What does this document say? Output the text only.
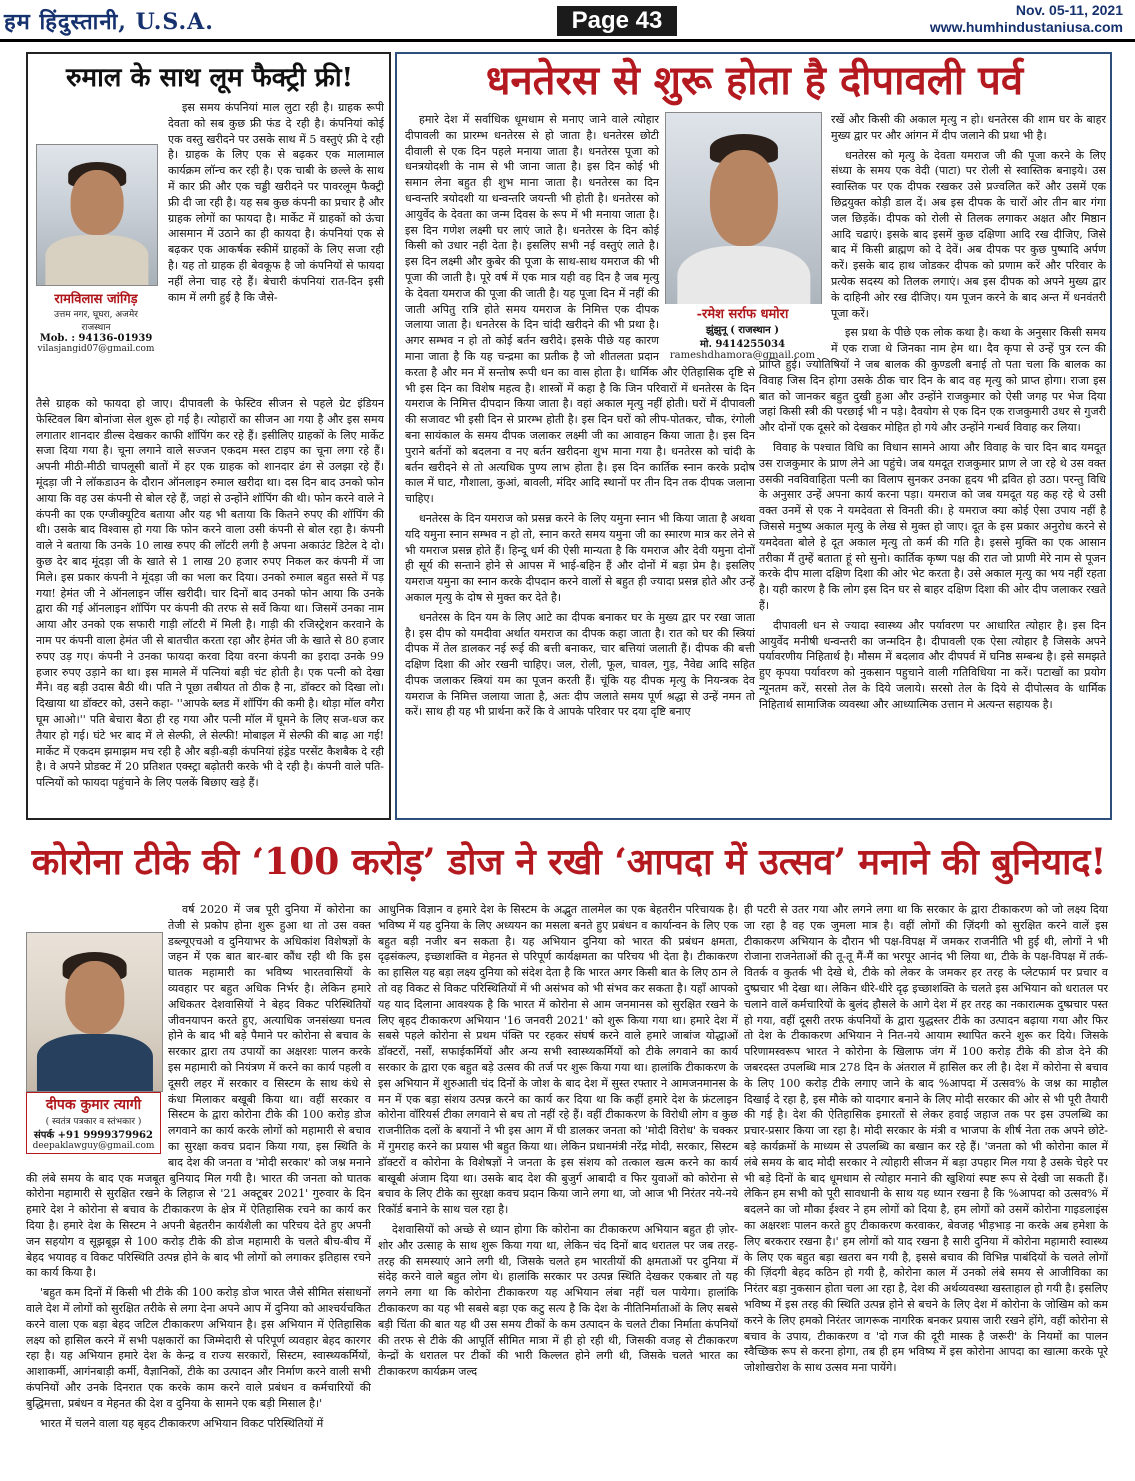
हम हिंदुस्तानी, U.S.A.	Page 43	Nov. 05-11, 2021
www.humhindustaniusa.com
रुमाल के साथ लूम फैक्ट्री फ्री!
रामविलास जांगिड़
उत्तम नगर, घूघरा, अजमेर
राजस्थान
Mob. : 94136-01939
vilasjangid07@gmail.com

इस समय कंपनियां माल लुटा रही है। ग्राहक रूपी देवता को सब कुछ फ्री फंड दे रही है। कंपनियां कोई एक वस्तु खरीदने पर उसके साथ में 5 वस्तुएं फ्री दे रही है। ग्राहक के लिए एक से बढ़कर एक मालामाल कार्यक्रम लॉन्च कर रही है। एक चाबी के छल्ले के साथ में कार फ्री और एक चड्डी खरीदने पर पावरलूम फैक्ट्री फ्री दी जा रही है। यह सब कुछ कंपनी का प्रचार है और ग्राहक लोगों का फायदा है। मार्केट में ग्राहकों को ऊंचा आसमान में उठाने का ही कायदा है। कंपनियां एक से बढ़कर एक आकर्षक स्कीमें ग्राहकों के लिए सजा रही है। यह तो ग्राहक ही बेवकूफ है जो कंपनियों से फायदा नहीं लेना चाह रहे हैं। बेचारी कंपनियां रात-दिन इसी काम में लगी हुई है कि जैसे-

तैसे ग्राहक को फायदा हो जाए। दीपावली के फेस्टिव सीजन से पहले ग्रेट इंडियन फेस्टिवल बिग बोनांजा सेल शुरू हो गई है। त्योहारों का सीजन आ गया है और इस समय लगातार शानदार डील्स देखकर काफी शॉपिंग कर रहे हैं। इसीलिए ग्राहकों के लिए मार्केट सजा दिया गया है। चूना लगाने वाले सज्जन एकदम मस्त टाइप का चूना लगा रहे हैं। अपनी मीठी-मीठी चापलूसी बातों में हर एक ग्राहक को शानदार ढंग से उलझा रहे हैं। मूंदड़ा जी ने लॉकडाउन के दौरान ऑनलाइन रुमाल खरीदा था। दस दिन बाद उनको फोन आया कि वह उस कंपनी से बोल रहे हैं, जहां से उन्होंने शॉपिंग की थी। फोन करने वाले ने कंपनी का एक एग्जीक्यूटिव बताया और यह भी बताया कि कितने रुपए की शॉपिंग की थी। उसके बाद विश्वास हो गया कि फोन करने वाला उसी कंपनी से बोल रहा है। कंपनी वाले ने बताया कि उनके 10 लाख रुपए की लॉटरी लगी है अपना अकाउंट डिटेल दे दो। कुछ देर बाद मूंदड़ा जी के खाते से 1 लाख 20 हजार रुपए निकल कर कंपनी में जा मिले। इस प्रकार कंपनी ने मूंदड़ा जी का भला कर दिया। उनको रुमाल बहुत सस्ते में पड़ गया! हेमंत जी ने ऑनलाइन जींस खरीदी। चार दिनों बाद उनको फोन आया कि उनके द्वारा की गई ऑनलाइन शॉपिंग पर कंपनी की तरफ से सर्वे किया था। जिसमें उनका नाम आया और उनको एक सफारी गाड़ी लॉटरी में मिली है। गाड़ी की रजिस्ट्रेशन करवाने के नाम पर कंपनी वाला हेमंत जी से बातचीत करता रहा और हेमंत जी के खाते से 80 हजार रुपए उड़ गए। कंपनी ने उनका फायदा करवा दिया वरना कंपनी का इरादा उनके 99 हजार रुपए उड़ाने का था। इस मामले में पत्नियां बड़ी चंट होती है। एक पत्नी को देखा मैंने। वह बड़ी उदास बैठी थी। पति ने पूछा तबीयत तो ठीक है ना, डॉक्टर को दिखा लो। दिखाया था डॉक्टर को, उसने कहा- ''आपके ब्लड में शॉपिंग की कमी है। थोड़ा मॉल वगैरा घूम आओ।'' पति बेचारा बैठा ही रह गया और पत्नी मॉल में घूमने के लिए सज-धज कर तैयार हो गई। घंटे भर बाद में ले सेल्फी, ले सेल्फी! मोबाइल में सेल्फी की बाढ़ आ गई! मार्केट में एकदम झमाझम मच रही है और बड़ी-बड़ी कंपनियां हंड्रेड परसेंट कैशबैक दे रही है। वे अपने प्रोडक्ट में 20 प्रतिशत एक्स्ट्रा बढ़ोतरी करके भी दे रही है। कंपनी वाले पति-पत्नियों को फायदा पहुंचाने के लिए पलकें बिछाए खड़े हैं।

धनतेरस से शुरू होता है दीपावली पर्व
-रमेश सर्राफ धमोरा
झुंझुनू ( राजस्थान )
मो. 9414255034
rameshdhamora@gmail.com

हमारे देश में सर्वाधिक धूमधाम से मनाए जाने वाले त्योहार दीपावली का प्रारम्भ धनतेरस से हो जाता है। धनतेरस छोटी दीवाली से एक दिन पहले मनाया जाता है। धनतेरस पूजा को धनत्रयोदशी के नाम से भी जाना जाता है। इस दिन कोई भी समान लेना बहुत ही शुभ माना जाता है। धनतेरस का दिन धन्वन्तरि त्रयोदशी या धन्वन्तरि जयन्ती भी होती है। धनतेरस को आयुर्वेद के देवता का जन्म दिवस के रूप में भी मनाया जाता है। इस दिन गणेश लक्ष्मी घर लाएं जाते है। धनतेरस के दिन कोई किसी को उधार नही देता है। इसलिए सभी नई वस्तुएं लाते है। इस दिन लक्ष्मी और कुबेर की पूजा के साथ-साथ यमराज की भी पूजा की जाती है। पूरे वर्ष में एक मात्र यही वह दिन है जब मृत्यु के देवता यमराज की पूजा की जाती है। यह पूजा दिन में नहीं की जाती अपितु रात्रि होते समय यमराज के निमित्त एक दीपक जलाया जाता है। धनतेरस के दिन चांदी खरीदने की भी प्रथा है। अगर सम्भव न हो तो कोई बर्तन खरीदे। इसके पीछे यह कारण माना जाता है कि यह चन्द्रमा का प्रतीक है जो शीतलता प्रदान करता है और मन में सन्तोष रूपी धन का वास होता है। धार्मिक और ऐतिहासिक दृष्टि से भी इस दिन का विशेष महत्व है। शास्त्रों में कहा है कि जिन परिवारों में धनतेरस के दिन यमराज के निमित्त दीपदान किया जाता है। वहां अकाल मृत्यु नहीं होती। घरों में दीपावली की सजावट भी इसी दिन से प्रारम्भ होती है। इस दिन घरों को लीप-पोतकर, चौक, रंगोली बना सायंकाल के समय दीपक जलाकर लक्ष्मी जी का आवाहन किया जाता है। इस दिन पुराने बर्तनों को बदलना व नए बर्तन खरीदना शुभ माना गया है। धनतेरस को चांदी के बर्तन खरीदने से तो अत्यधिक पुण्य लाभ होता है। इस दिन कार्तिक स्नान करके प्रदोष काल में घाट, गौशाला, कुआं, बावली, मंदिर आदि स्थानों पर तीन दिन तक दीपक जलाना चाहिए।

धनतेरस के दिन यमराज को प्रसन्न करने के लिए यमुना स्नान भी किया जाता है अथवा यदि यमुना स्नान सम्भव न हो तो, स्नान करते समय यमुना जी का स्मारण मात्र कर लेने से भी यमराज प्रसन्न होते हैं। हिन्दू धर्म की ऐसी मान्यता है कि यमराज और देवी यमुना दोनों ही सूर्य की सन्ताने होने से आपस में भाई-बहिन हैं और दोनों में बड़ा प्रेम है। इसलिए यमराज यमुना का स्नान करके दीपदान करने वालों से बहुत ही ज्यादा प्रसन्न होते और उन्हें अकाल मृत्यु के दोष से मुक्त कर देते है।

धनतेरस के दिन यम के लिए आटे का दीपक बनाकर घर के मुख्य द्वार पर रखा जाता है। इस दीप को यमदीवा अर्थात यमराज का दीपक कहा जाता है। रात को घर की स्त्रियां दीपक में तेल डालकर नई रूई की बत्ती बनाकर, चार बत्तियां जलाती हैं। दीपक की बत्ती दक्षिण दिशा की ओर रखनी चाहिए। जल, रोली, फूल, चावल, गुड़, नैवेद्य आदि सहित दीपक जलाकर स्त्रियां यम का पूजन करती हैं। चूंकि यह दीपक मृत्यु के नियन्त्रक देव यमराज के निमित्त जलाया जाता है, अतः दीप जलाते समय पूर्ण श्रद्धा से उन्हें नमन तो करें। साथ ही यह भी प्रार्थना करें कि वे आपके परिवार पर दया दृष्टि बनाए

रखें और किसी की अकाल मृत्यु न हो। धनतेरस की शाम घर के बाहर मुख्य द्वार पर और आंगन में दीप जलाने की प्रथा भी है।

धनतेरस को मृत्यु के देवता यमराज जी की पूजा करने के लिए संध्या के समय एक वेदी (पाटा) पर रोली से स्वास्तिक बनाइये। उस स्वास्तिक पर एक दीपक रखकर उसे प्रज्वलित करें और उसमें एक छिद्रयुक्त कोड़ी डाल दें। अब इस दीपक के चारों ओर तीन बार गंगा जल छिड़कें। दीपक को रोली से तिलक लगाकर अक्षत और मिष्ठान आदि चढाएं। इसके बाद इसमें कुछ दक्षिणा आदि रख दीजिए, जिसे बाद में किसी ब्राह्मण को दे देवें। अब दीपक पर कुछ पुष्पादि अर्पण करें। इसके बाद हाथ जोडकर दीपक को प्रणाम करें और परिवार के प्रत्येक सदस्य को तिलक लगाएं। अब इस दीपक को अपने मुख्य द्वार के दाहिनी ओर रख दीजिए। यम पूजन करने के बाद अन्त में धनवंतरी पूजा करें।

इस प्रथा के पीछे एक लोक कथा है। कथा के अनुसार किसी समय में एक राजा थे जिनका नाम हेम था। दैव कृपा से उन्हें पुत्र रत्न की प्राप्ति हुई। ज्योतिषियों ने जब बालक की कुण्डली बनाई तो पता चला कि बालक का विवाह जिस दिन होगा उसके ठीक चार दिन के बाद वह मृत्यु को प्राप्त होगा। राजा इस बात को जानकर बहुत दुखी हुआ और उन्होंने राजकुमार को ऐसी जगह पर भेज दिया जहां किसी स्त्री की परछाई भी न पड़े। दैवयोग से एक दिन एक राजकुमारी उधर से गुजरी और दोनों एक दूसरे को देखकर मोहित हो गये और उन्होंने गन्धर्व विवाह कर लिया।

विवाह के पश्चात विधि का विधान सामने आया और विवाह के चार दिन बाद यमदूत उस राजकुमार के प्राण लेने आ पहुंचे। जब यमदूत राजकुमार प्राण ले जा रहे थे उस वक्त उसकी नवविवाहिता पत्नी का विलाप सुनकर उनका हृदय भी द्रवित हो उठा। परन्तु विधि के अनुसार उन्हें अपना कार्य करना पड़ा। यमराज को जब यमदूत यह कह रहे थे उसी वक्त उनमें से एक ने यमदेवता से विनती की। हे यमराज क्या कोई ऐसा उपाय नहीं है जिससे मनुष्य अकाल मृत्यु के लेख से मुक्त हो जाए। दूत के इस प्रकार अनुरोध करने से यमदेवता बोले हे दूत अकाल मृत्यु तो कर्म की गति है। इससे मुक्ति का एक आसान तरीका मैं तुम्हें बताता हूं सो सुनो। कार्तिक कृष्ण पक्ष की रात जो प्राणी मेरे नाम से पूजन करके दीप माला दक्षिण दिशा की ओर भेट करता है। उसे अकाल मृत्यु का भय नहीं रहता है। यही कारण है कि लोग इस दिन घर से बाहर दक्षिण दिशा की ओर दीप जलाकर रखते हैं।

दीपावली धन से ज्यादा स्वास्थ्य और पर्यावरण पर आधारित त्योहार है। इस दिन आयुर्वेद मनीषी धन्वन्तरी का जन्मदिन है। दीपावली एक ऐसा त्योहार है जिसके अपने पर्यावरणीय निहितार्थ है। मौसम में बदलाव और दीपपर्व में घनिष्ठ सम्बन्ध है। इसे समझते हुए कृपया पर्यावरण को नुकसान पहुचाने वाली गतिविधिया ना करें। पटाखों का प्रयोग न्यूनतम करें, सरसो तेल के दिये जलाये। सरसो तेल के दिये से दीपोत्सव के धार्मिक निहितार्थ सामाजिक व्यवस्था और आध्यात्मिक उत्तान मे अत्यन्त सहायक है।

कोरोना टीके की ‘100 करोड़’ डोज ने रखी ‘आपदा में उत्सव’ मनाने की बुनियाद!
दीपक कुमार त्यागी
( स्वतंत्र पत्रकार व स्तंभकार )
संपर्क +91 9999379962
deepaklawguy@gmail.com

वर्ष 2020 में जब पूरी दुनिया में कोरोना का तेजी से प्रकोप होना शुरू हुआ था तो उस वक्त डब्ल्यूएचओ व दुनियाभर के अधिकांश विशेषज्ञों के जहन में एक बात बार-बार कौंध रही थी कि इस घातक महामारी का भविष्य भारतवासियों के व्यवहार पर बहुत अधिक निर्भर है। लेकिन हमारे अधिकतर देशवासियों ने बेहद विकट परिस्थितियों जीवनयापन करते हुए, अत्याधिक जनसंख्या घनत्व होने के बाद भी बड़े पैमाने पर कोरोना से बचाव के सरकार द्वारा तय उपायों का अक्षरशः पालन करके इस महामारी को नियंत्रण में करने का कार्य पहली व दूसरी लहर में सरकार व सिस्टम के साथ कंधे से कंधा मिलाकर बखूबी किया था। वहीं सरकार व सिस्टम के द्वारा कोरोना टीके की 100 करोड़ डोज लगवाने का कार्य करके लोगों को महामारी से बचाव का सुरक्षा कवच प्रदान किया गया, इस स्थिति के बाद देश की जनता व 'मोदी सरकार' को जश्न मनाने की लंबे समय के बाद एक मजबूत बुनियाद मिल गयी है। भारत की जनता को घातक कोरोना महामारी से सुरक्षित रखने के लिहाज से '21 अक्टूबर 2021' गुरुवार के दिन हमारे देश ने कोरोना से बचाव के टीकाकरण के क्षेत्र में ऐतिहासिक रचने का कार्य कर दिया है। हमारे देश के सिस्टम ने अपनी बेहतरीन कार्यशैली का परिचय देते हुए अपनी जन सहयोग व सूझबूझ से 100 करोड़ टीके की डोज महामारी के चलते बीच-बीच में बेहद भयावह व विकट परिस्थिति उत्पन्न होने के बाद भी लोगों को लगाकर इतिहास रचने का कार्य किया है।

'बहुत कम दिनों में किसी भी टीके की 100 करोड़ डोज भारत जैसे सीमित संसाधनों वाले देश में लोगों को सुरक्षित तरीके से लगा देना अपने आप में दुनिया को आश्चर्यचकित करने वाला एक बड़ा बेहद जटिल टीकाकरण अभियान है। इस अभियान में ऐतिहासिक लक्ष्य को हासिल करने में सभी पक्षकारों का जिम्मेदारी से परिपूर्ण व्यवहार बेहद कारगर रहा है। यह अभियान हमारे देश के केन्द्र व राज्य सरकारों, सिस्टम, स्वास्थ्यकर्मियों, आशाकर्मी, आगंनबाड़ी कर्मी, वैज्ञानिकों, टीके का उत्पादन और निर्माण करने वाली सभी कंपनियों और उनके दिनरात एक करके काम करने वाले प्रबंधन व कर्मचारियों की बुद्धिमत्ता, प्रबंधन व मेहनत की देश व दुनिया के सामने एक बड़ी मिसाल है।'

भारत में चलने वाला यह बृहद टीकाकरण अभियान विकट परिस्थितियों में

आधुनिक विज्ञान व हमारे देश के सिस्टम के अद्भुत तालमेल का एक बेहतरीन परिचायक है। भविष्य में यह दुनिया के लिए अध्ययन का मसला बनते हुए प्रबंधन व कार्यान्वन के लिए एक बहुत बड़ी नजीर बन सकता है। यह अभियान दुनिया को भारत की प्रबंधन क्षमता, दृढ़संकल्प, इच्छाशक्ति व मेहनत से परिपूर्ण कार्यक्षमता का परिचय भी देता है। टीकाकरण का हासिल यह बड़ा लक्ष्य दुनिया को संदेश देता है कि भारत अगर किसी बात के लिए ठान ले तो वह विकट से विकट परिस्थितियों में भी असंभव को भी संभव कर सकता है। यहाँ आपको यह याद दिलाना आवश्यक है कि भारत में कोरोना से आम जनमानस को सुरक्षित रखने के लिए बृहद टीकाकरण अभियान '16 जनवरी 2021' को शुरू किया गया था। हमारे देश में सबसे पहले कोरोना से प्रथम पंक्ति पर रहकर संघर्ष करने वाले हमारे जाबांज योद्धाओं डॉक्टरों, नर्सों, सफाईकर्मियों और अन्य सभी स्वास्थ्यकर्मियों को टीके लगवाने का कार्य सरकार के द्वारा एक बहुत बड़े उत्सव की तर्ज पर शुरू किया गया था। हालांकि टीकाकरण के इस अभियान में शुरुआती चंद दिनों के जोश के बाद देश में सुस्त रफ्तार ने आमजनमानस के मन में एक बड़ा संशय उत्पन्न करने का कार्य कर दिया था कि कहीं हमारे देश के फ्रंटलाइन कोरोना वॉरियर्स टीका लगवाने से बच तो नहीं रहे हैं। वहीं टीकाकरण के विरोधी लोग व कुछ राजनीतिक दलों के बयानों ने भी इस आग में घी डालकर जनता को 'मोदी विरोध' के चक्कर में गुमराह करने का प्रयास भी बहुत किया था। लेकिन प्रधानमंत्री नरेंद्र मोदी, सरकार, सिस्टम डॉक्टरों व कोरोना के विशेषज्ञों ने जनता के इस संशय को तत्काल खत्म करने का कार्य बाखूबी अंजाम दिया था। उसके बाद देश की बुजुर्ग आबादी व फिर युवाओं को कोरोना से बचाव के लिए टीके का सुरक्षा कवच प्रदान किया जाने लगा था, जो आज भी निरंतर नये-नये रिकॉर्ड बनाने के साथ चल रहा है।

देशवासियों को अच्छे से ध्यान होगा कि कोरोना का टीकाकरण अभियान बहुत ही ज़ोर-शोर और उत्साह के साथ शुरू किया गया था, लेकिन चंद दिनों बाद धरातल पर जब तरह-तरह की समस्याएं आने लगी थी, जिसके चलते हम भारतीयों की क्षमताओं पर दुनिया में संदेह करने वाले बहुत लोग थे। हालांकि सरकार पर उत्पन्न स्थिति देखकर एकबार तो यह लगने लगा था कि कोरोना टीकाकरण यह अभियान लंबा नहीं चल पायेगा। हालांकि टीकाकरण का यह भी सबसे बड़ा एक कटु सत्य है कि देश के नीतिनिर्माताओं के लिए सबसे बड़ी चिंता की बात यह थी उस समय टीकों के कम उत्पादन के चलते टीका निर्माता कंपनियों की तरफ से टीके की आपूर्ति सीमित मात्रा में ही हो रही थी, जिसकी वजह से टीकाकरण केन्द्रों के धरातल पर टीकों की भारी किल्लत होने लगी थी, जिसके चलते भारत का टीकाकरण कार्यक्रम जल्द

ही पटरी से उतर गया और लगने लगा था कि सरकार के द्वारा टीकाकरण को जो लक्ष्य दिया जा रहा है वह एक जुमला मात्र है। वहीं लोगों की ज़िंदगी को सुरक्षित करने वालें इस टीकाकरण अभियान के दौरान भी पक्ष-विपक्ष में जमकर राजनीति भी हुई थी, लोगों ने भी रोजाना राजनेताओं की तू-तू मैं-मैं का भरपूर आनंद भी लिया था, टीके के पक्ष-विपक्ष में तर्क-वितर्क व कुतर्क भी देखे थे, टीके को लेकर के जमकर हर तरह के प्लेटफार्म पर प्रचार व दुष्प्रचार भी देखा था। लेकिन धीरे-धीरे दृढ़ इच्छाशक्ति के चलते इस अभियान को धरातल पर चलाने वालें कर्मचारियों के बुलंद हौसले के आगे देश में हर तरह का नकारात्मक दुष्प्रचार पस्त हो गया, वहीं दूसरी तरफ कंपनियों के द्वारा युद्धस्तर टीके का उत्पादन बढ़ाया गया और फिर तो देश के टीकाकरण अभियान ने नित-नये आयाम स्थापित करने शुरू कर दिये। जिसके परिणामस्वरूप भारत ने कोरोना के खिलाफ जंग में 100 करोड़ टीके की डोज देने की जबरदस्त उपलब्धि मात्र 278 दिन के अंतराल में हासिल कर ली है। देश में कोरोना से बचाव के लिए 100 करोड़ टीके लगाए जाने के बाद %आपदा में उत्सव% के जश्न का माहौल दिखाई दे रहा है, इस मौके को यादगार बनाने के लिए मोदी सरकार की ओर से भी पूरी तैयारी की गई है। देश की ऐतिहासिक इमारतों से लेकर हवाई जहाज तक पर इस उपलब्धि का प्रचार-प्रसार किया जा रहा है। मोदी सरकार के मंत्री व भाजपा के शीर्ष नेता तक अपने छोटे-बड़े कार्यक्रमों के माध्यम से उपलब्धि का बखान कर रहे हैं। 'जनता को भी कोरोना काल में लंबे समय के बाद मोदी सरकार ने त्योहारी सीजन में बड़ा उपहार मिल गया है उसके चेहरे पर भी बड़े दिनों के बाद धूमधाम से त्योहार मनाने की खुशियां स्पष्ट रूप से देखी जा सकती हैं। लेकिन हम सभी को पूरी सावधानी के साथ यह ध्यान रखना है कि %आपदा को उत्सव% में बदलने का जो मौका ईश्वर ने हम लोगों को दिया है, हम लोगों को उसमें कोरोना गाइडलाइंस का अक्षरशः पालन करते हुए टीकाकरण करवाकर, बेवजह भीड़भाड़ ना करके अब हमेशा के लिए बरकरार रखना है।' हम लोगों को याद रखना है सारी दुनिया में कोरोना महामारी स्वास्थ्य के लिए एक बहुत बड़ा खतरा बन गयी है, इससे बचाव की विभिन्न पाबंदियों के चलते लोगों की ज़िंदगी बेहद कठिन हो गयी है, कोरोना काल में उनको लंबे समय से आजीविका का निरंतर बड़ा नुकसान होता चला आ रहा है, देश की अर्थव्यवस्था खस्ताहाल हो गयी है। इसलिए भविष्य में इस तरह की स्थिति उत्पन्न होने से बचने के लिए देश में कोरोना के जोखिम को कम करने के लिए हमको निरंतर जागरूक नागरिक बनकर प्रयास जारी रखने होंगे, वहीं कोरोना से बचाव के उपाय, टीकाकरण व 'दो गज की दूरी मास्क है जरूरी' के नियमों का पालन स्वैच्छिक रूप से करना होगा, तब ही हम भविष्य में इस कोरोना आपदा का खात्मा करके पूरे जोशोखरोश के साथ उत्सव मना पायेंगे।
